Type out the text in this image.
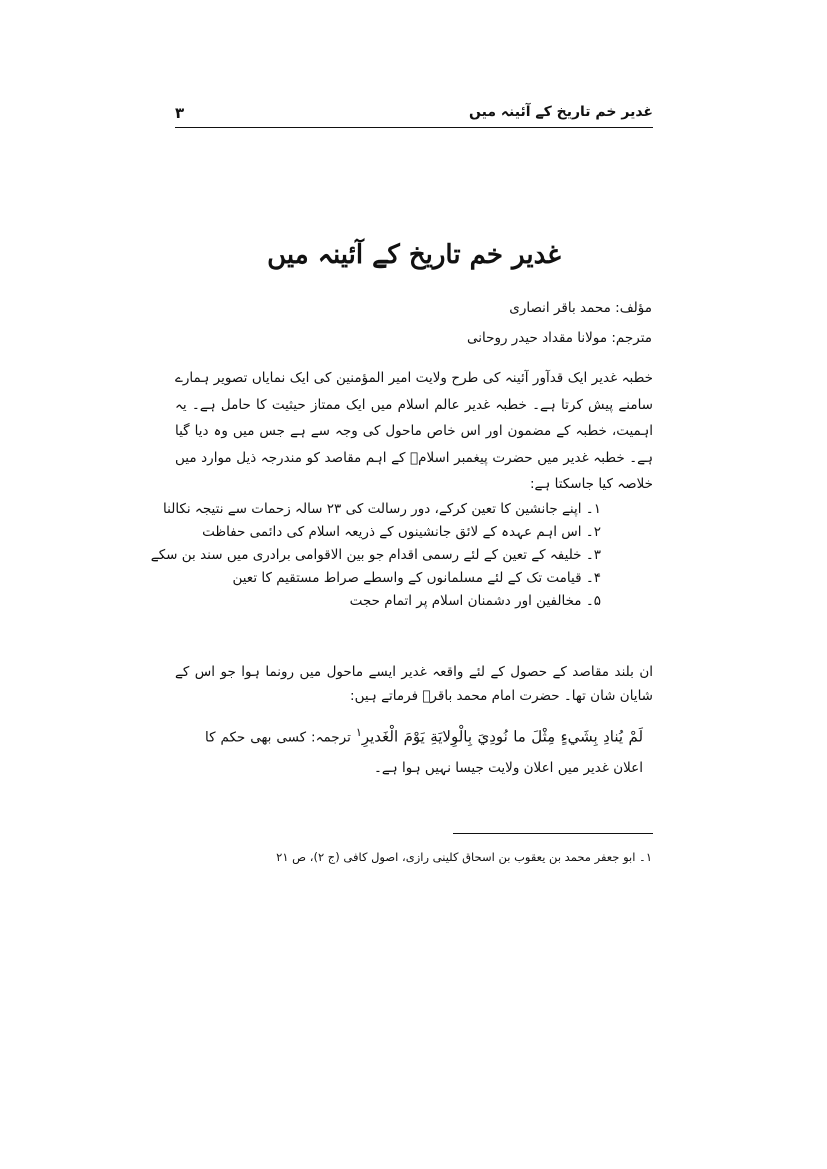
غدیر خم تاریخ کے آئینہ میں
۳
غدیر خم تاریخ کے آئینہ میں
مؤلف: محمد باقر انصاری
مترجم: مولانا مقداد حیدر روحانی
خطبہ غدیر ایک قدآور آئینہ کی طرح ولایت امیر المؤمنین کی ایک نمایاں تصویر ہمارے سامنے پیش کرتا ہے۔ خطبہ غدیر عالم اسلام میں ایک ممتاز حیثیت کا حامل ہے۔ یہ اہمیت، خطبہ کے مضمون اور اس خاص ماحول کی وجہ سے ہے جس میں وہ دیا گیا ہے۔ خطبہ غدیر میں حضرت پیغمبر اسلامؐ کے اہم مقاصد کو مندرجہ ذیل موارد میں خلاصہ کیا جاسکتا ہے:
۱۔ اپنے جانشین کا تعین کرکے، دور رسالت کی ۲۳ سالہ زحمات سے نتیجہ نکالنا
۲۔ اس اہم عہدہ کے لائق جانشینوں کے ذریعہ اسلام کی دائمی حفاظت
۳۔ خلیفہ کے تعین کے لئے رسمی اقدام جو بین الاقوامی برادری میں سند بن سکے
۴۔ قیامت تک کے لئے مسلمانوں کے واسطے صراط مستقیم کا تعین
۵۔ مخالفین اور دشمنان اسلام پر اتمام حجت
ان بلند مقاصد کے حصول کے لئے واقعہ غدیر ایسے ماحول میں رونما ہوا جو اس کے شایان شان تھا۔ حضرت امام محمد باقرؑ فرماتے ہیں:
لَمْ يُنادِ بِشَيءٍ مِثْلَ ما نُودِيَ بِالْوِلايَةِ يَوْمَ الْغَديرِ$^۱$ ترجمہ: کسی بھی حکم کا اعلان غدیر میں اعلان ولایت جیسا نہیں ہوا ہے۔
۱۔ ابو جعفر محمد بن یعقوب بن اسحاق کلینی رازی، اصول کافی (ج ۲)، ص ۲۱
